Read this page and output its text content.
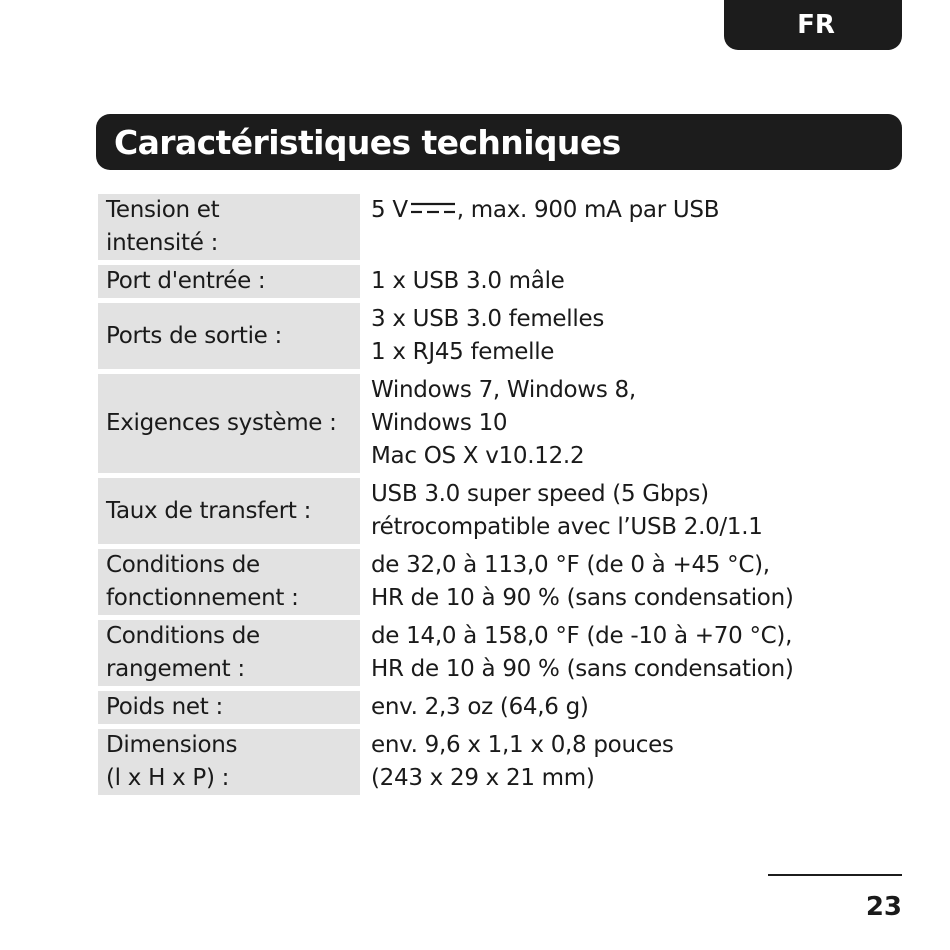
FR
Caractéristiques techniques
Tension et
intensité :
5 V , max. 900 mA par USB
Port d'entrée :	1 x USB 3.0 mâle
Ports de sortie :
3 x USB 3.0 femelles
1 x RJ45 femelle
Exigences système :
Windows 7, Windows 8,
Windows 10
Mac OS X v10.12.2
Taux de transfert :
USB 3.0 super speed (5 Gbps)
rétrocompatible avec l’USB 2.0/1.1
Conditions de
fonctionnement :
de 32,0 à 113,0 °F (de 0 à +45 °C),
HR de 10 à 90 % (sans condensation)
Conditions de
rangement :
de 14,0 à 158,0 °F (de -10 à +70 °C),
HR de 10 à 90 % (sans condensation)
Poids net :	env. 2,3 oz (64,6 g)
Dimensions
(l x H x P) :
env. 9,6 x 1,1 x 0,8 pouces
(243 x 29 x 21 mm)
23
